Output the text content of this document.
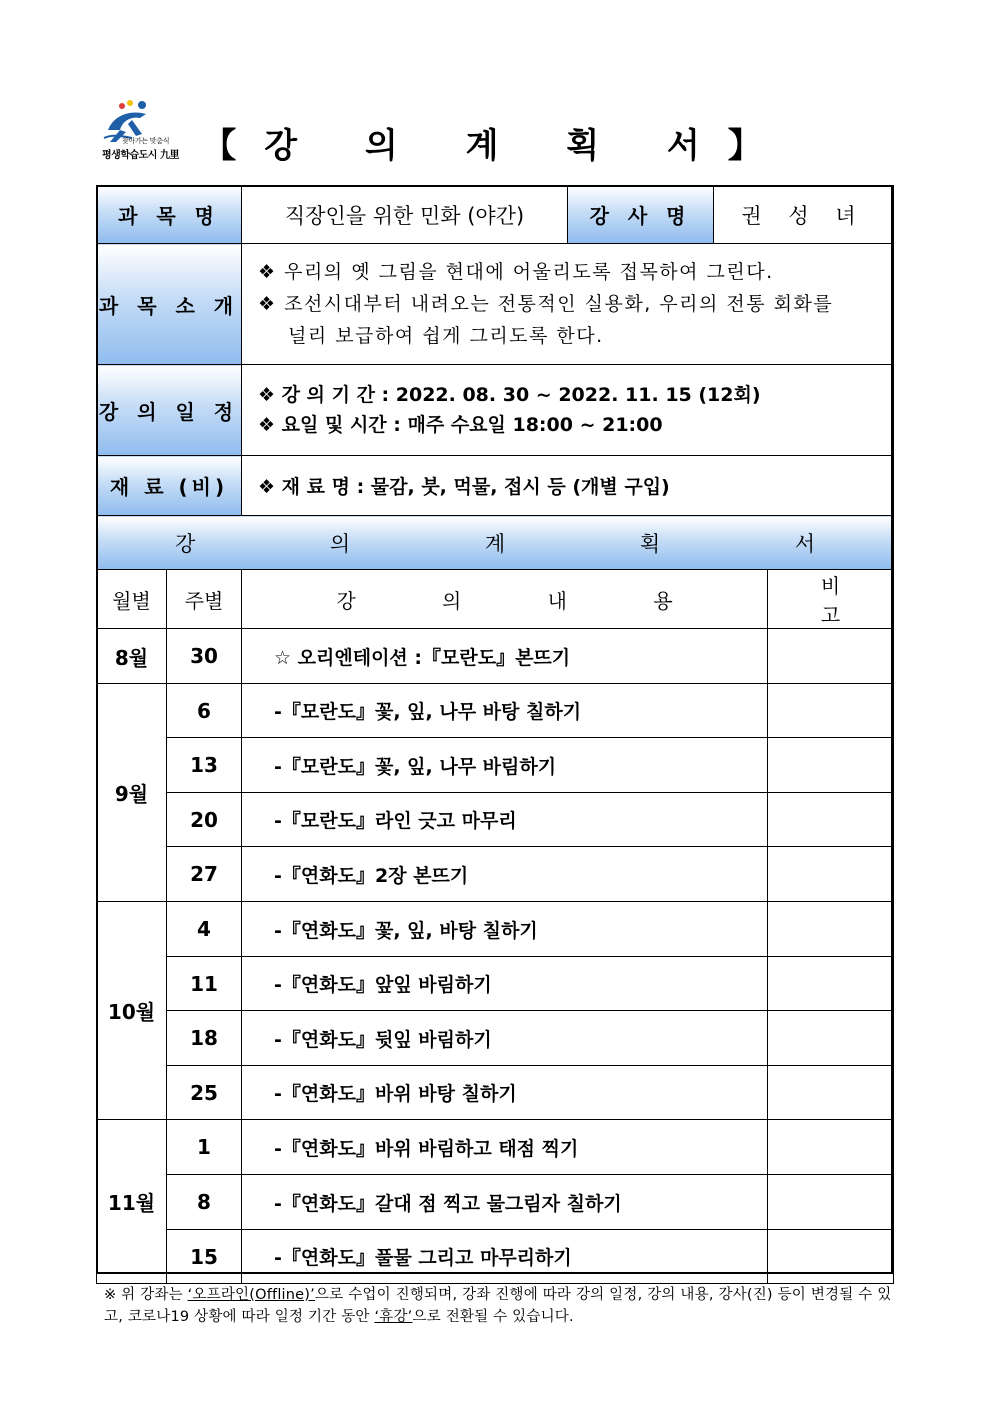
찾아가는 맞춤식
평생학습도시 九里 【강 의 계 획 서】
과 목 명		직장인을 위한 민화 (야간)	강 사 명	권 성 녀	
과 목 소 개		❖ 우리의 옛 그림을 현대에 어울리도록 접목하여 그린다.
❖ 조선시대부터 내려오는 전통적인 실용화, 우리의 전통 회화를
널리 보급하여 쉽게 그리도록 한다.			

강 의 일 정		❖ 강 의 기 간 : 2022. 08. 30 ~ 2022. 11. 15 (12회)
❖ 요일 및 시간 : 매주 수요일 18:00 ~ 21:00			

재 료 (비)		❖ 재 료 명 : 물감, 붓, 먹물, 접시 등 (개별 구입)			
강 의 계 획 서					
월별	주별	강 의 내 용			비 고
8월	30	☆ 오리엔테이션 :『모란도』본뜨기			
9월	6	-『모란도』꽃, 잎, 나무 바탕 칠하기			
	13	-『모란도』꽃, 잎, 나무 바림하기			
	20	-『모란도』라인 긋고 마무리			
	27	-『연화도』2장 본뜨기			
10월	4	-『연화도』꽃, 잎, 바탕 칠하기			
	11	-『연화도』앞잎 바림하기			
	18	-『연화도』뒷잎 바림하기			
	25	-『연화도』바위 바탕 칠하기			
11월	1	-『연화도』바위 바림하고 태점 찍기			
	8	-『연화도』갈대 점 찍고 물그림자 칠하기			
	15	-『연화도』풀물 그리고 마무리하기			
※ 위 강좌는 ‘오프라인(Offline)’으로 수업이 진행되며, 강좌 진행에 따라 강의 일정, 강의 내용, 강사(진) 등이 변경될 수 있고, 코로나19 상황에 따라 일정 기간 동안 ‘휴강’으로 전환될 수 있습니다.
